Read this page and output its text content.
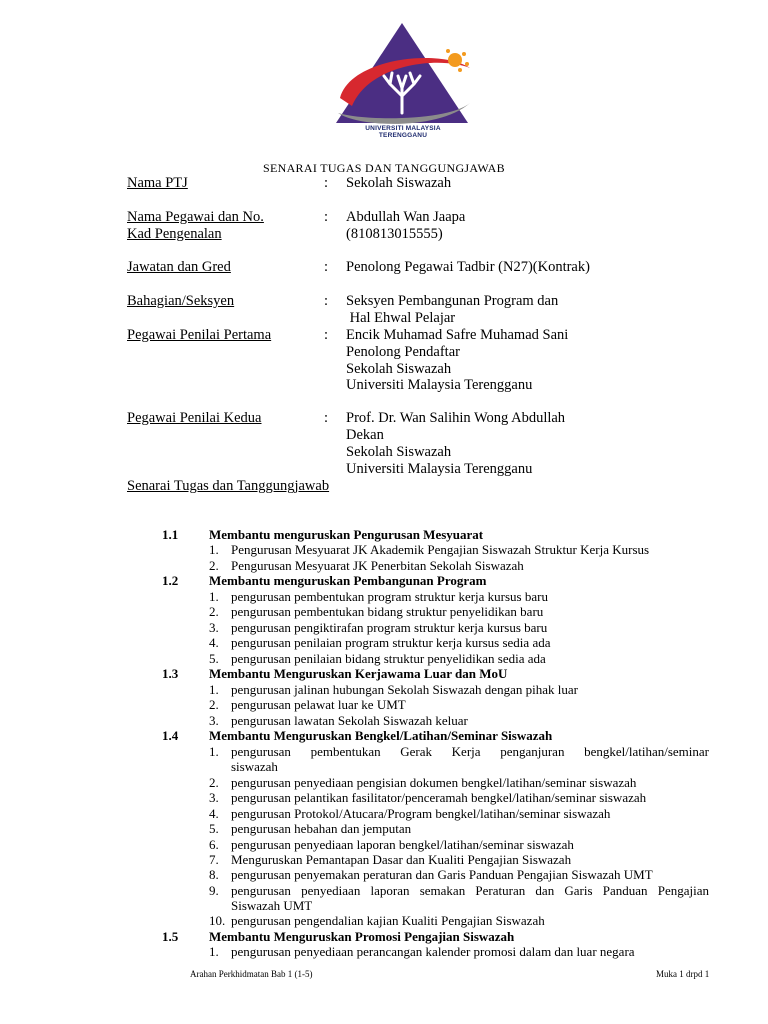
UNIVERSITI MALAYSIA TERENGGANU
SENARAI TUGAS DAN TANGGUNGJAWAB
Nama PTJ	: Sekolah Siswazah
Nama Pegawai dan No.
Kad Pengenalan
: Abdullah Wan Jaapa
(810813015555)
Jawatan dan Gred	: Penolong Pegawai Tadbir (N27)(Kontrak)
Bahagian/Seksyen	: Seksyen Pembangunan Program dan
Hal Ehwal Pelajar
Pegawai Penilai Pertama	: Encik Muhamad Safre Muhamad Sani
Penolong Pendaftar
Sekolah Siswazah
Universiti Malaysia Terengganu
Pegawai Penilai Kedua	: Prof. Dr. Wan Salihin Wong Abdullah
Dekan
Sekolah Siswazah
Universiti Malaysia Terengganu
Senarai Tugas dan Tanggungjawab
1.1 Membantu menguruskan Pengurusan Mesyuarat
1. Pengurusan Mesyuarat JK Akademik Pengajian Siswazah Struktur Kerja Kursus
2. Pengurusan Mesyuarat JK Penerbitan Sekolah Siswazah
1.2 Membantu menguruskan Pembangunan Program
1. pengurusan pembentukan program struktur kerja kursus baru
2. pengurusan pembentukan bidang struktur penyelidikan baru
3. pengurusan pengiktirafan program struktur kerja kursus baru
4. pengurusan penilaian program struktur kerja kursus sedia ada
5. pengurusan penilaian bidang struktur penyelidikan sedia ada
1.3 Membantu Menguruskan Kerjawama Luar dan MoU
1. pengurusan jalinan hubungan Sekolah Siswazah dengan pihak luar
2. pengurusan pelawat luar ke UMT
3. pengurusan lawatan Sekolah Siswazah keluar
1.4 Membantu Menguruskan Bengkel/Latihan/Seminar Siswazah
1. pengurusan pembentukan Gerak Kerja penganjuran bengkel/latihan/seminar
siswazah
2. pengurusan penyediaan pengisian dokumen bengkel/latihan/seminar siswazah
3. pengurusan pelantikan fasilitator/penceramah bengkel/latihan/seminar siswazah
4. pengurusan Protokol/Atucara/Program bengkel/latihan/seminar siswazah
5. pengurusan hebahan dan jemputan
6. pengurusan penyediaan laporan bengkel/latihan/seminar siswazah
7. Menguruskan Pemantapan Dasar dan Kualiti Pengajian Siswazah
8. pengurusan penyemakan peraturan dan Garis Panduan Pengajian Siswazah UMT
9. pengurusan penyediaan laporan semakan Peraturan dan Garis Panduan Pengajian
Siswazah UMT
10. pengurusan pengendalian kajian Kualiti Pengajian Siswazah
1.5 Membantu Menguruskan Promosi Pengajian Siswazah
1. pengurusan penyediaan perancangan kalender promosi dalam dan luar negara
Arahan Perkhidmatan Bab 1 (1-5)	Muka 1 drpd 1
